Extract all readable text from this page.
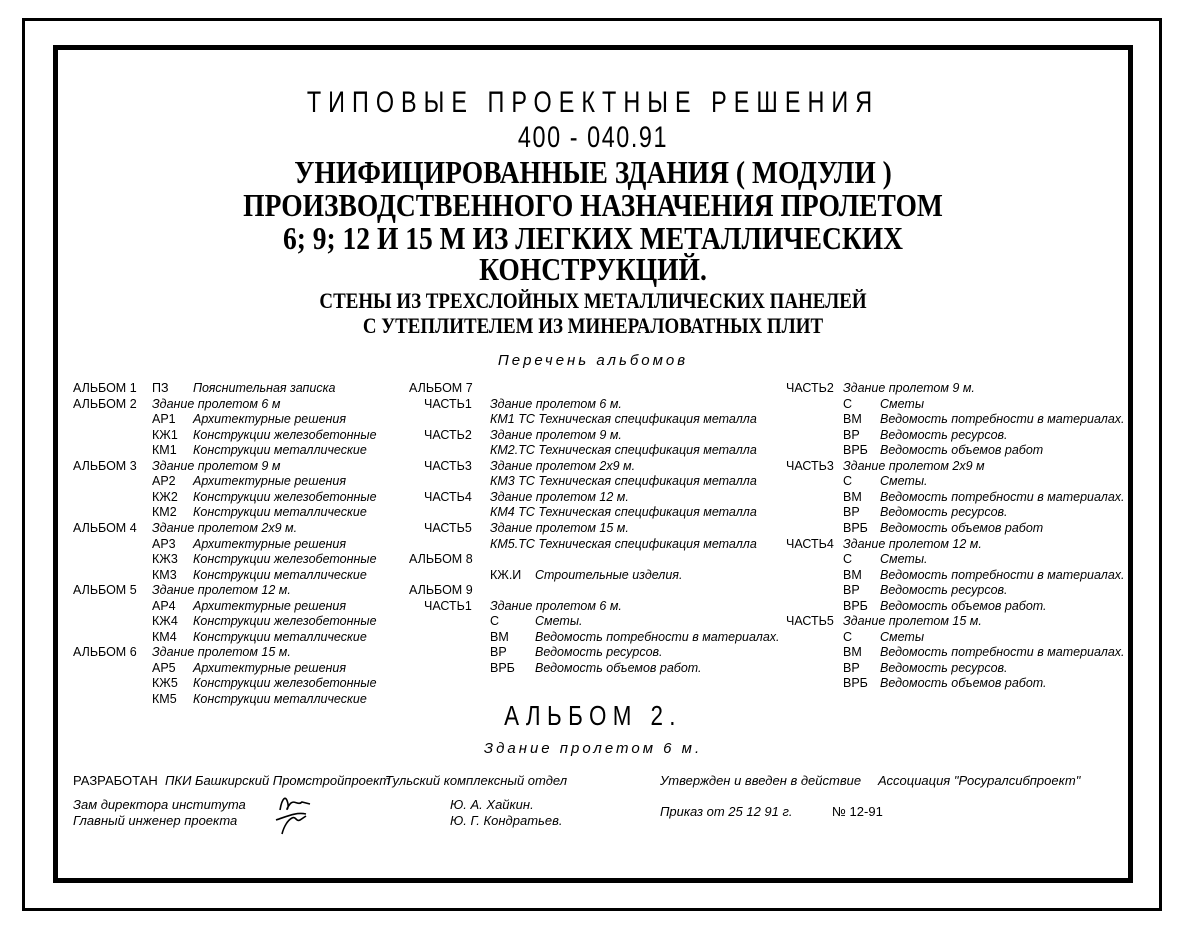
ТИПОВЫЕ ПРОЕКТНЫЕ РЕШЕНИЯ
400 - 040.91
УНИФИЦИРОВАННЫЕ ЗДАНИЯ ( МОДУЛИ )
ПРОИЗВОДСТВЕННОГО НАЗНАЧЕНИЯ ПРОЛЕТОМ
6; 9; 12 И 15 М ИЗ ЛЕГКИХ МЕТАЛЛИЧЕСКИХ
КОНСТРУКЦИЙ.
СТЕНЫ ИЗ ТРЕХСЛОЙНЫХ МЕТАЛЛИЧЕСКИХ ПАНЕЛЕЙ
С УТЕПЛИТЕЛЕМ ИЗ МИНЕРАЛОВАТНЫХ ПЛИТ
Перечень альбомов
АЛЬБОМ 1 ПЗ Пояснительная записка
АЛЬБОМ 2 Здание пролетом 6 м
АР1 Архитектурные решения
КЖ1 Конструкции железобетонные
КМ1 Конструкции металлические
АЛЬБОМ 3 Здание пролетом 9 м
АР2 Архитектурные решения
КЖ2 Конструкции железобетонные
КМ2 Конструкции металлические
АЛЬБОМ 4 Здание пролетом 2х9 м.
АР3 Архитектурные решения
КЖ3 Конструкции железобетонные
КМ3 Конструкции металлические
АЛЬБОМ 5 Здание пролетом 12 м.
АР4 Архитектурные решения
КЖ4 Конструкции железобетонные
КМ4 Конструкции металлические
АЛЬБОМ 6 Здание пролетом 15 м.
АР5 Архитектурные решения
КЖ5 Конструкции железобетонные
КМ5 Конструкции металлические
АЛЬБОМ 7
ЧАСТЬ1 Здание пролетом 6 м.
КМ1 ТС Техническая спецификация металла
ЧАСТЬ2 Здание пролетом 9 м.
КМ2.ТС Техническая спецификация металла
ЧАСТЬ3 Здание пролетом 2х9 м.
КМ3 ТС Техническая спецификация металла
ЧАСТЬ4 Здание пролетом 12 м.
КМ4 ТС Техническая спецификация металла
ЧАСТЬ5 Здание пролетом 15 м.
КМ5.ТС Техническая спецификация металла
АЛЬБОМ 8
КЖ.И Строительные изделия.
АЛЬБОМ 9
ЧАСТЬ1 Здание пролетом 6 м.
С	Сметы.
ВМ Ведомость потребности в материалах.
ВР Ведомость ресурсов.
ВРБ Ведомость объемов работ.
ЧАСТЬ2 Здание пролетом 9 м.
С Сметы
ВМ Ведомость потребности в материалах.
ВР Ведомость ресурсов.
ВРБ Ведомость объемов работ
ЧАСТЬ3 Здание пролетом 2х9 м
С Сметы.
ВМ Ведомость потребности в материалах.
ВР Ведомость ресурсов.
ВРБ Ведомость объемов работ
ЧАСТЬ4 Здание пролетом 12 м.
С Сметы.
ВМ Ведомость потребности в материалах.
ВР Ведомость ресурсов.
ВРБ Ведомость объемов работ.
ЧАСТЬ5 Здание пролетом 15 м.
С Сметы
ВМ Ведомость потребности в материалах.
ВР Ведомость ресурсов.
ВРБ Ведомость объемов работ.
АЛЬБОМ 2.
Здание пролетом 6 м.
РАЗРАБОТАН ПКИ Башкирский Промстройпроект
Тульский комплексный отдел	Утвержден и введен в действие Ассоциация "Росуралсибпроект"
Зам директора института
Главный инженер проекта
Ю. А. Хайкин.
Ю. Г. Кондратьев.
Приказ от 25 12 91 г.	№ 12-91
